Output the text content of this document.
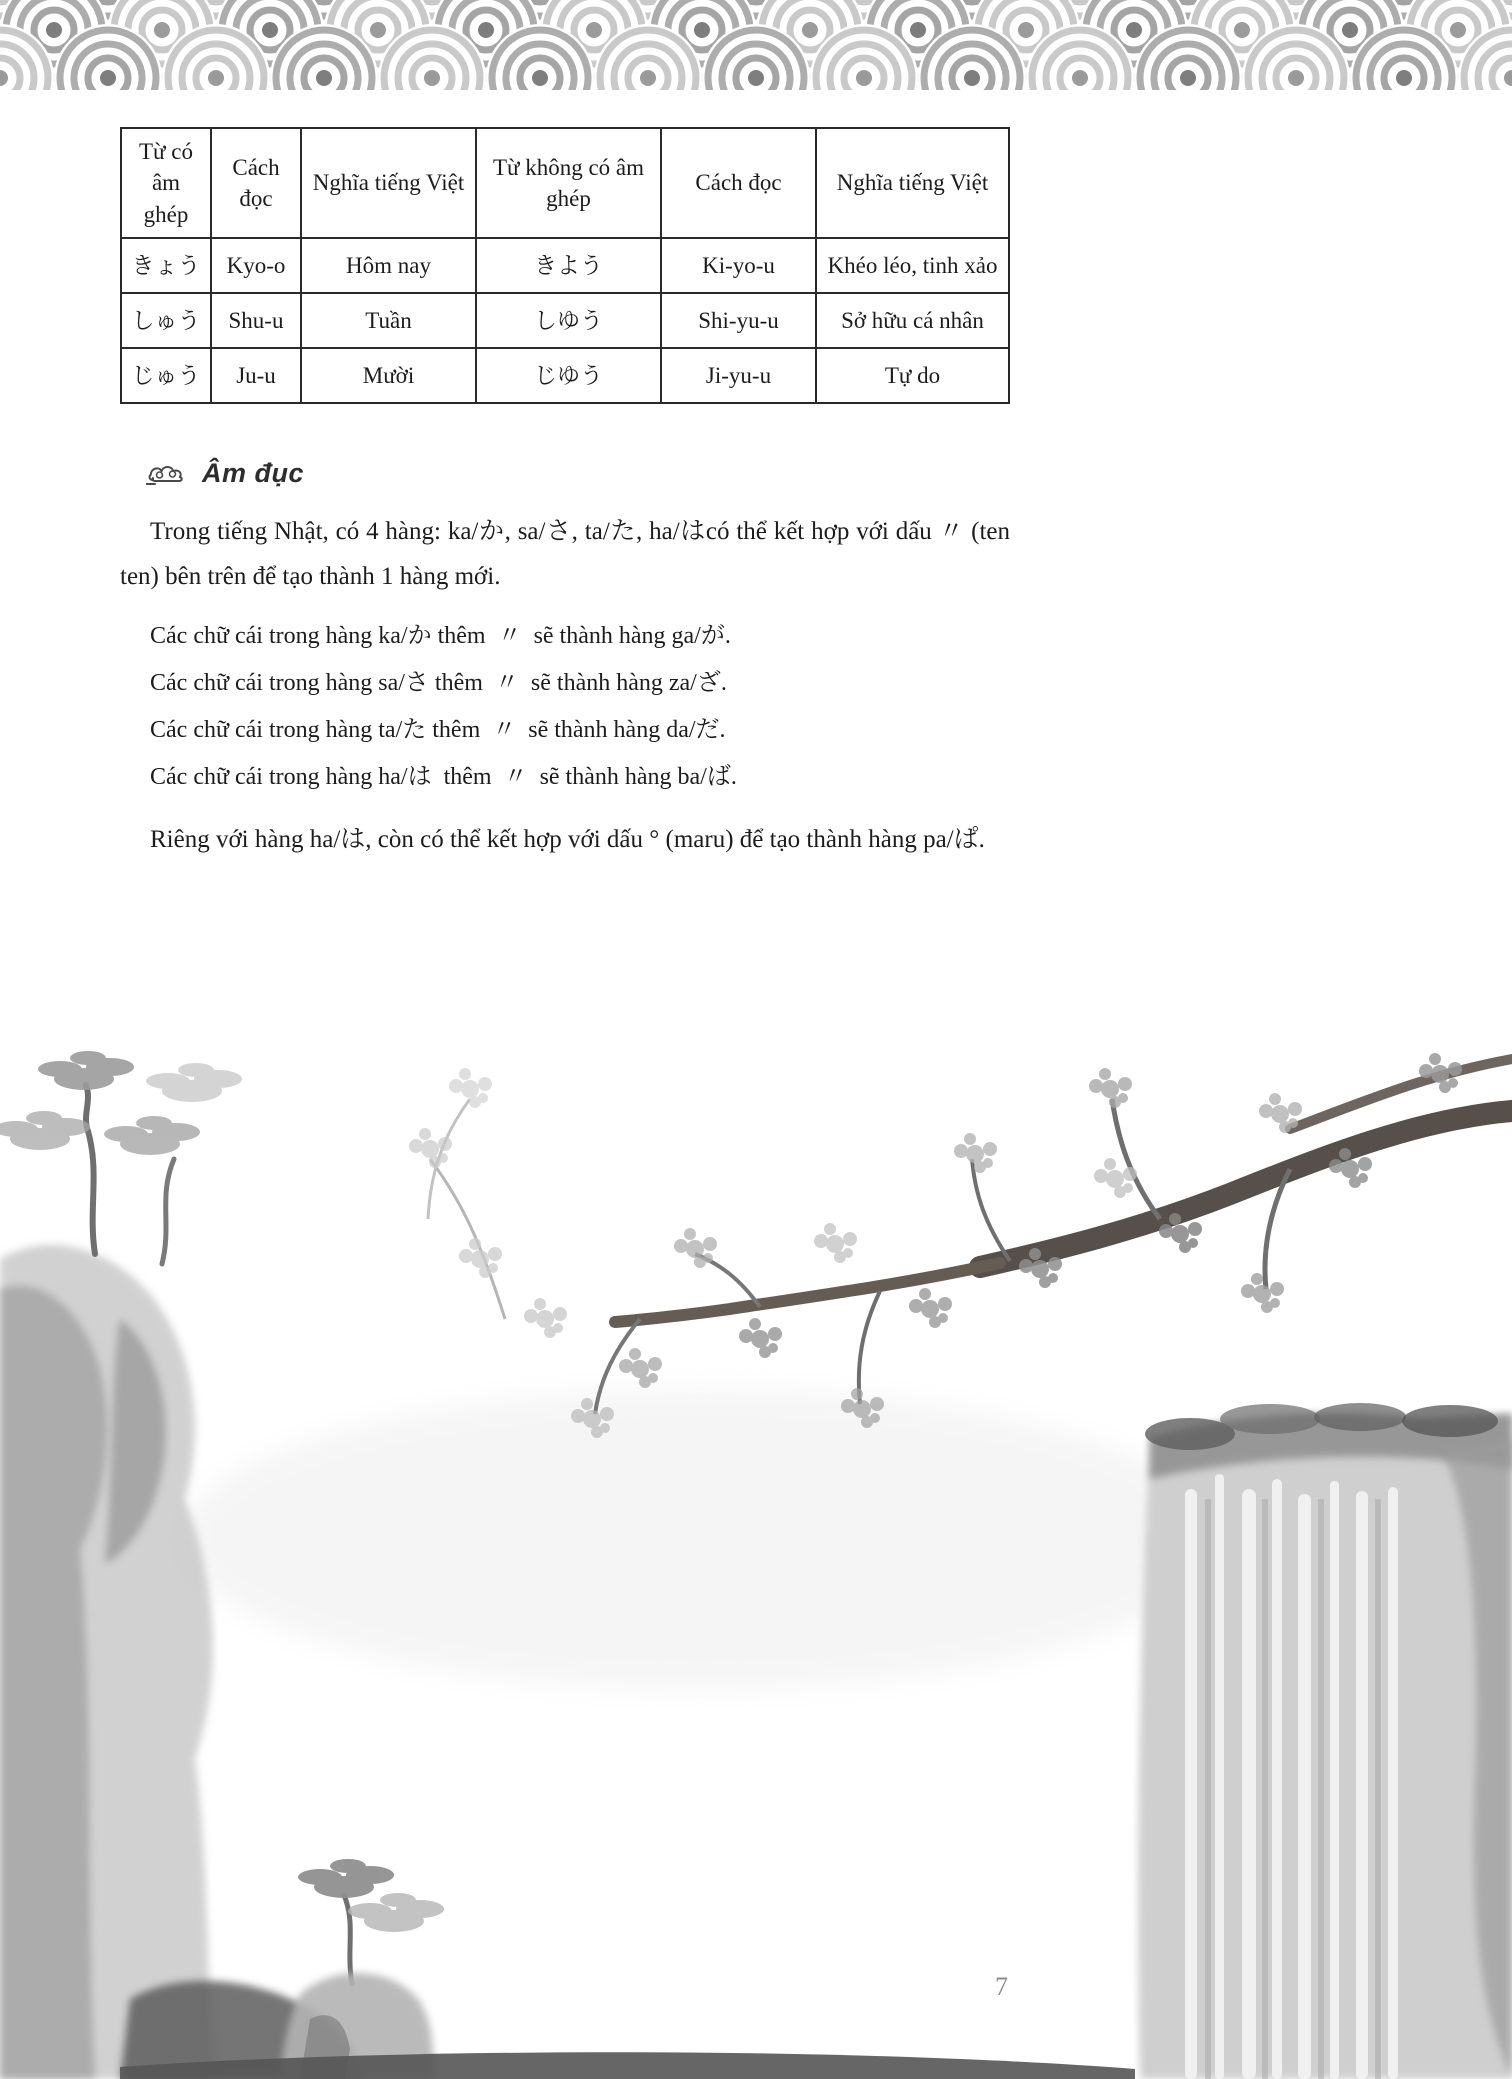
Từ có âm ghép	Cách đọc	Nghĩa tiếng Việt	Từ không có âm ghép	Cách đọc	Nghĩa tiếng Việt
きょう	Kyo-o	Hôm nay	きよう	Ki-yo-u	Khéo léo, tinh xảo
しゅう	Shu-u	Tuần	しゆう	Shi-yu-u	Sở hữu cá nhân
じゅう	Ju-u	Mười	じゆう	Ji-yu-u	Tự do
Âm đục

Trong tiếng Nhật, có 4 hàng: ka/か, sa/さ, ta/た, ha/はcó thể kết hợp với dấu 〃 (ten ten) bên trên để tạo thành 1 hàng mới.

Các chữ cái trong hàng ka/か thêm  〃  sẽ thành hàng ga/が.

Các chữ cái trong hàng sa/さ thêm  〃  sẽ thành hàng za/ざ.

Các chữ cái trong hàng ta/た thêm  〃  sẽ thành hàng da/だ.

Các chữ cái trong hàng ha/は  thêm  〃  sẽ thành hàng ba/ば.

Riêng với hàng ha/は, còn có thể kết hợp với dấu ° (maru) để tạo thành hàng pa/ぱ.

7
